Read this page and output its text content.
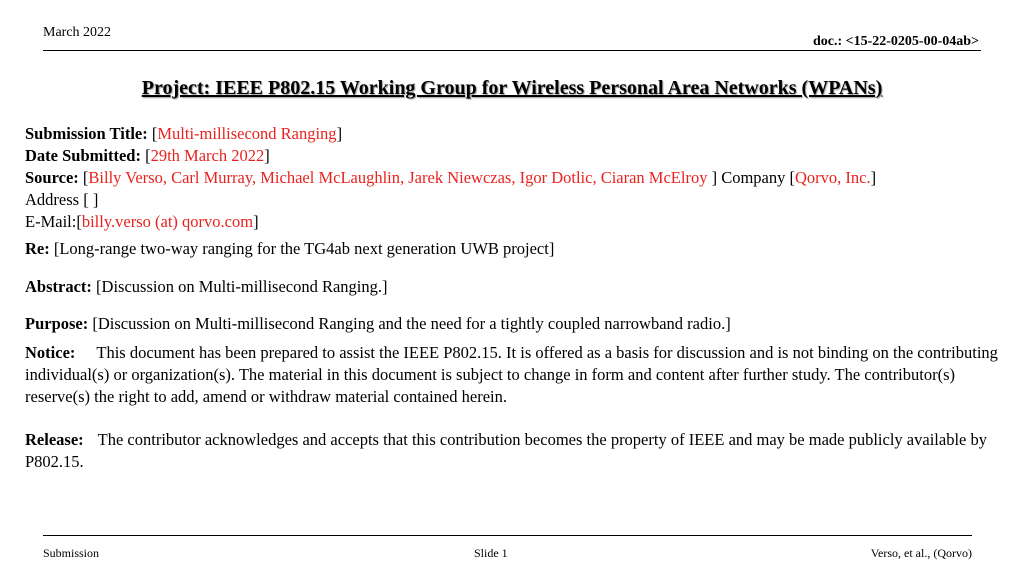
March 2022
doc.: <15-22-0205-00-04ab>
Project: IEEE P802.15 Working Group for Wireless Personal Area Networks (WPANs)
Submission Title: [Multi-millisecond Ranging]
Date Submitted: [29th March 2022]
Source: [Billy Verso, Carl Murray, Michael McLaughlin, Jarek Niewczas, Igor Dotlic, Ciaran McElroy ] Company [Qorvo, Inc.]
Address [ ]
E-Mail:[billy.verso (at) qorvo.com]
Re: [Long-range two-way ranging for the TG4ab next generation UWB project]
Abstract: [Discussion on Multi-millisecond Ranging.]
Purpose: [Discussion on Multi-millisecond Ranging and the need for a tightly coupled narrowband radio.]
Notice: This document has been prepared to assist the IEEE P802.15. It is offered as a basis for discussion and is not binding on the contributing individual(s) or organization(s). The material in this document is subject to change in form and content after further study. The contributor(s) reserve(s) the right to add, amend or withdraw material contained herein.
Release: The contributor acknowledges and accepts that this contribution becomes the property of IEEE and may be made publicly available by P802.15.
Submission	Slide 1	Verso, et al., (Qorvo)
